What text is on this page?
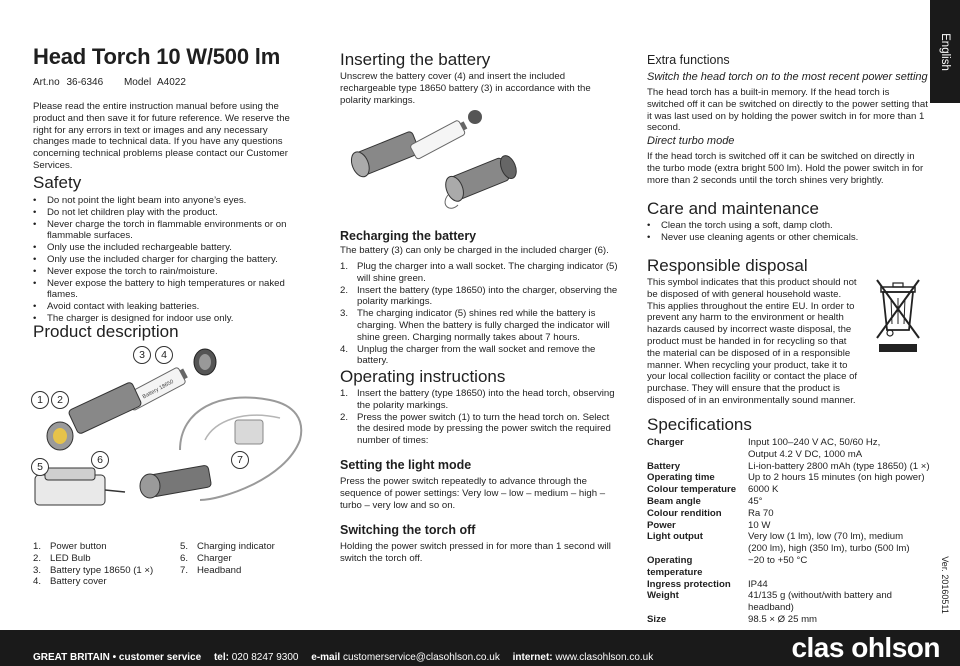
English
Head Torch 10 W/500 lm
Art.no 36-6346 Model A4022

Please read the entire instruction manual before using the product and then save it for future reference. We reserve the right for any errors in text or images and any necessary changes made to technical data. If you have any questions concerning technical problems please contact our Customer Services.

Safety
• Do not point the light beam into anyone’s eyes.
• Do not let children play with the product.
• Never charge the torch in flammable environments or on flammable surfaces.
• Only use the included rechargeable battery.
• Only use the included charger for charging the battery.
• Never expose the torch to rain/moisture.
• Never expose the battery to high temperatures or naked flames.
• Avoid contact with leaking batteries.
• The charger is designed for indoor use only.
Product description
Battery 18650
3	4
1	2
5
6	7
1. Power button
2. LED Bulb
3. Battery type 18650 (1 ×)
4. Battery cover
5. Charging indicator
6. Charger
7. Headband
Inserting the battery

Unscrew the battery cover (4) and insert the included rechargeable type 18650 battery (3) in accordance with the polarity markings.

Recharging the battery

The battery (3) can only be charged in the included charger (6).

1. Plug the charger into a wall socket. The charging indicator (5) will shine green.
2. Insert the battery (type 18650) into the charger, observing the polarity markings.
3. The charging indicator (5) shines red while the battery is charging. When the battery is fully charged the indicator will shine green. Charging normally takes about 7 hours.
4. Unplug the charger from the wall socket and remove the battery.
Operating instructions
1. Insert the battery (type 18650) into the head torch, observing the polarity markings.
2. Press the power switch (1) to turn the head torch on. Select the desired mode by pressing the power switch the required number of times:
Setting the light mode

Press the power switch repeatedly to advance through the sequence of power settings: Very low – low – medium – high – turbo – very low and so on.

Switching the torch off

Holding the power switch pressed in for more than 1 second will switch the torch off.

Extra functions

Switch the head torch on to the most recent power setting

The head torch has a built-in memory. If the head torch is switched off it can be switched on directly to the power setting that it was last used on by holding the power switch in for more than 1 second.

Direct turbo mode

If the head torch is switched off it can be switched on directly in the turbo mode (extra bright 500 lm). Hold the power switch in for more than 2 seconds until the torch shines very brightly.

Care and maintenance
• Clean the torch using a soft, damp cloth.
• Never use cleaning agents or other chemicals.
Responsible disposal

This symbol indicates that this product should not be disposed of with general household waste. This applies throughout the entire EU. In order to prevent any harm to the environment or health hazards caused by incorrect waste disposal, the product must be handed in for recycling so that the material can be disposed of in a responsible manner. When recycling your product, take it to your local collection facility or contact the place of purchase. They will ensure that the product is disposed of in an environmentally sound manner.

Specifications
Charger	Input 100–240 V AC, 50/60 Hz,
	Output 4.2 V DC, 1000 mA
Battery	Li-ion-battery 2800 mAh (type 18650) (1 ×)
Operating time	Up to 2 hours 15 minutes (on high power)
Colour temperature	6000 K
Beam angle	45°
Colour rendition	Ra 70
Power	10 W
Light output	Very low (1 lm), low (70 lm), medium
	(200 lm), high (350 lm), turbo (500 lm)
Operating temperature	−20 to +50 °C
Ingress protection	IP44
Weight	41/135 g (without/with battery and headband)
Size	98.5 × Ø 25 mm
Ver. 20160511
GREAT BRITAIN • customer service tel: 020 8247 9300 e-mail customerservice@clasohlson.co.uk internet: www.clasohlson.co.uk	clas ohlson
